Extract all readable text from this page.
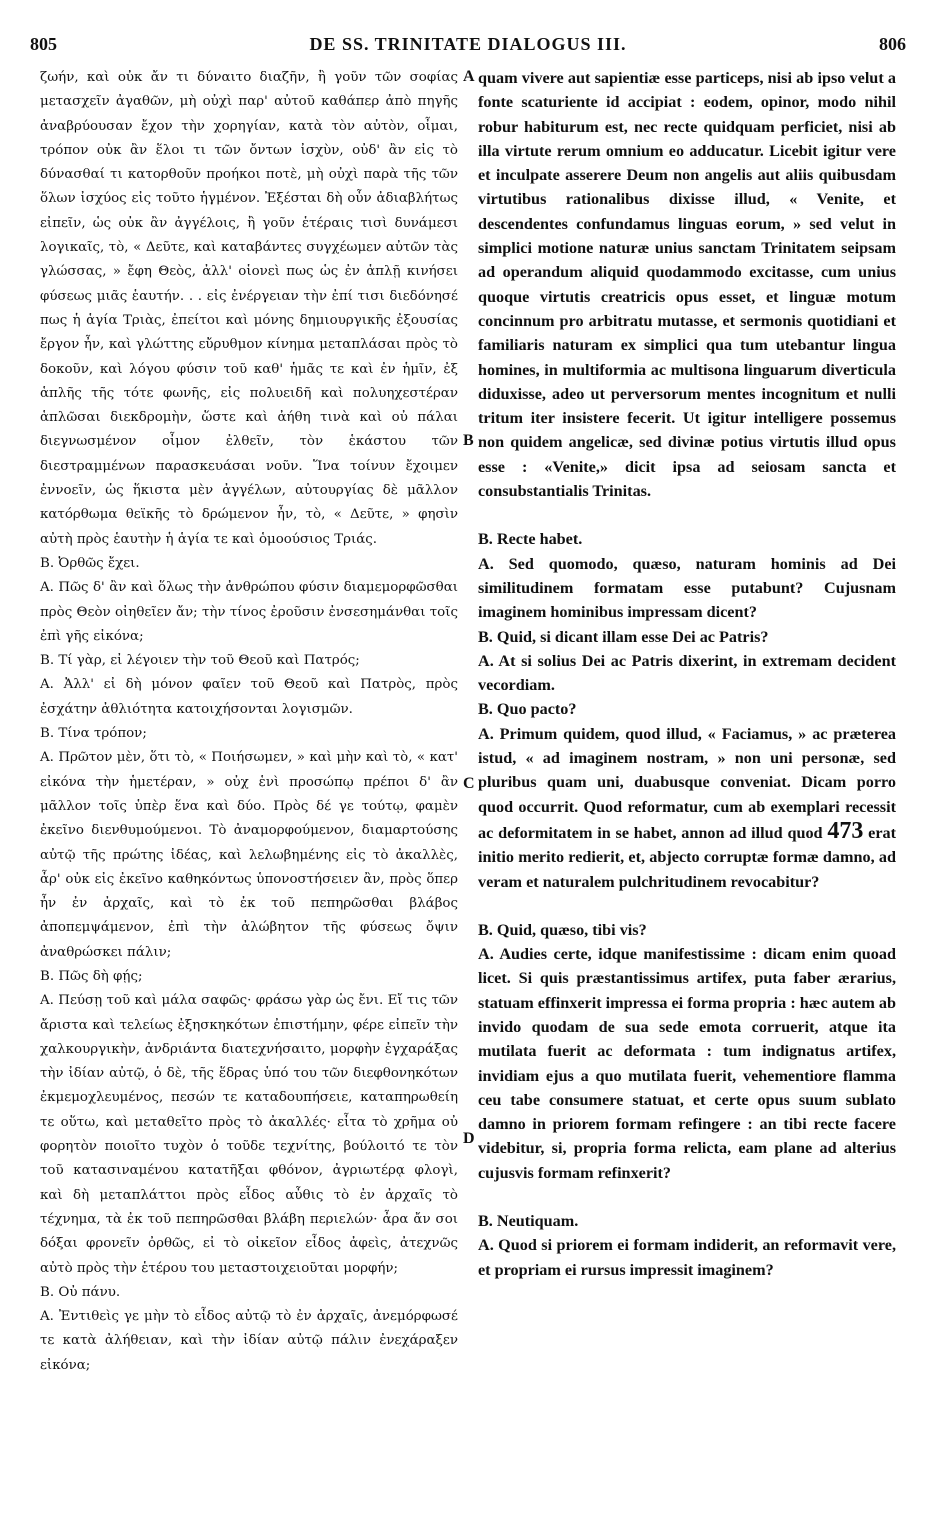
805	DE SS. TRINITATE DIALOGUS III.	806
ζωήν, καὶ οὐκ ἄν τι δύναιτο διαζῆν, ἢ γοῦν τῶν σοφίας μετασχεῖν ἀγαθῶν, μὴ οὐχὶ παρ' αὐτοῦ καθάπερ ἀπὸ πηγῆς ἀναβρύουσαν ἔχον τὴν χορηγίαν, κατὰ τὸν αὐτὸν, οἶμαι, τρόπον οὐκ ἂν ἕλοι τι τῶν ὄντων ἰσχὺν, οὐδ' ἂν εἰς τὸ δύνασθαί τι κατορθοῦν προήκοι ποτὲ, μὴ οὐχὶ παρὰ τῆς τῶν ὅλων ἰσχύος εἰς τοῦτο ἡγμένον. Ἐξέσται δὴ οὖν ἀδιαβλήτως εἰπεῖν, ὡς οὐκ ἂν ἀγγέλοις, ἢ γοῦν ἑτέραις τισὶ δυνάμεσι λογικαῖς, τὸ, « Δεῦτε, καὶ καταβάντες συγχέωμεν αὐτῶν τὰς γλώσσας, » ἔφη Θεὸς, ἀλλ' οἱονεὶ πως ὡς ἐν ἁπλῇ κινήσει φύσεως μιᾶς ἑαυτήν. . . εἰς ἐνέργειαν τὴν ἐπί τισι διεδόνησέ πως ἡ ἁγία Τριὰς, ἐπείτοι καὶ μόνης δημιουργικῆς ἐξουσίας ἔργον ἦν, καὶ γλώττης εὔρυθμον κίνημα μεταπλάσαι πρὸς τὸ δοκοῦν, καὶ λόγου φύσιν τοῦ καθ' ἡμᾶς τε καὶ ἐν ἡμῖν, ἐξ ἁπλῆς τῆς τότε φωνῆς, εἰς πολυειδῆ καὶ πολυηχεστέραν ἁπλῶσαι διεκδρομὴν, ὥστε καὶ ἀήθη τινὰ καὶ οὐ πάλαι διεγνωσμένον οἶμον ἐλθεῖν, τὸν ἑκάστου τῶν διεστραμμένων παρασκευάσαι νοῦν. Ἵνα τοίνυν ἔχοιμεν ἐννοεῖν, ὡς ἥκιστα μὲν ἀγγέλων, αὐτουργίας δὲ μᾶλλον κατόρθωμα θεϊκῆς τὸ δρώμενον ἦν, τὸ, « Δεῦτε, » φησὶν αὐτὴ πρὸς ἑαυτὴν ἡ ἁγία τε καὶ ὁμοούσιος Τριάς.
Β. Ὀρθῶς ἔχει.
Α. Πῶς δ' ἂν καὶ ὅλως τὴν ἀνθρώπου φύσιν διαμεμορφῶσθαι πρὸς Θεὸν οἰηθεῖεν ἄν; τὴν τίνος ἐροῦσιν ἐνσεσημάνθαι τοῖς ἐπὶ γῆς εἰκόνα;
Β. Τί γὰρ, εἰ λέγοιεν τὴν τοῦ Θεοῦ καὶ Πατρός;
Α. Ἀλλ' εἰ δὴ μόνον φαῖεν τοῦ Θεοῦ καὶ Πατρὸς, πρὸς ἐσχάτην ἀθλιότητα κατοιχήσονται λογισμῶν.
Β. Τίνα τρόπον;
Α. Πρῶτον μὲν, ὅτι τὸ, « Ποιήσωμεν, » καὶ μὴν καὶ τὸ, « κατ' εἰκόνα τὴν ἡμετέραν, » οὐχ ἑνὶ προσώπῳ πρέποι δ' ἂν μᾶλλον τοῖς ὑπὲρ ἕνα καὶ δύο. Πρὸς δέ γε τούτῳ, φαμὲν ἐκεῖνο διενθυμούμενοι. Τὸ ἀναμορφούμενον, διαμαρτούσης αὐτῷ τῆς πρώτης ἰδέας, καὶ λελωβημένης εἰς τὸ ἀκαλλὲς, ἆρ' οὐκ εἰς ἐκεῖνο καθηκόντως ὑπονοστήσειεν ἂν, πρὸς ὅπερ ἦν ἐν ἀρχαῖς, καὶ τὸ ἐκ τοῦ πεπηρῶσθαι βλάβος ἀποπεμψάμενον, ἐπὶ τὴν ἀλώβητον τῆς φύσεως ὄψιν ἀναθρώσκει πάλιν;
Β. Πῶς δὴ φῄς;
Α. Πεύσῃ τοῦ καὶ μάλα σαφῶς· φράσω γὰρ ὡς ἔνι. Εἴ τις τῶν ἄριστα καὶ τελείως ἐξησκηκότων ἐπιστήμην, φέρε εἰπεῖν τὴν χαλκουργικὴν, ἀνδριάντα διατεχνήσαιτο, μορφὴν ἐγχαράξας τὴν ἰδίαν αὐτῷ, ὁ δὲ, τῆς ἕδρας ὑπό του τῶν διεφθονηκότων ἐκμεμοχλευμένος, πεσών τε καταδουπήσειε, καταπηρωθείη τε οὕτω, καὶ μεταθεῖτο πρὸς τὸ ἀκαλλές· εἶτα τὸ χρῆμα οὐ φορητὸν ποιοῖτο τυχὸν ὁ τοῦδε τεχνίτης, βούλοιτό τε τὸν τοῦ κατασιναμένου κατατῆξαι φθόνον, ἀγριωτέρᾳ φλογὶ, καὶ δὴ μεταπλάττοι πρὸς εἶδος αὖθις τὸ ἐν ἀρχαῖς τὸ τέχνημα, τὰ ἐκ τοῦ πεπηρῶσθαι βλάβη περιελών· ἆρα ἄν σοι δόξαι φρονεῖν ὀρθῶς, εἰ τὸ οἰκεῖον εἶδος ἀφεὶς, ἀτεχνῶς αὐτὸ πρὸς τὴν ἑτέρου του μεταστοιχειοῦται μορφήν;
Β. Οὐ πάνυ.
Α. Ἐντιθεὶς γε μὴν τὸ εἶδος αὐτῷ τὸ ἐν ἀρχαῖς, ἀνεμόρφωσέ τε κατὰ ἀλήθειαν, καὶ τὴν ἰδίαν αὐτῷ πάλιν ἐνεχάραξεν εἰκόνα;
A
B
C
D
quam vivere aut sapientiæ esse particeps, nisi ab ipso velut a fonte scaturiente id accipiat : eodem, opinor, modo nihil robur habiturum est, nec recte quidquam perficiet, nisi ab illa virtute rerum omnium eo adducatur. Licebit igitur vere et inculpate asserere Deum non angelis aut aliis quibusdam virtutibus rationalibus dixisse illud, « Venite, et descendentes confundamus linguas eorum, » sed velut in simplici motione naturæ unius sanctam Trinitatem seipsam ad operandum aliquid quodammodo excitasse, cum unius quoque virtutis creatricis opus esset, et linguæ motum concinnum pro arbitratu mutasse, et sermonis quotidiani et familiaris naturam ex simplici qua tum utebantur lingua homines, in multiformia ac multisona linguarum diverticula diduxisse, adeo ut perversorum mentes incognitum et nulli tritum iter insistere fecerit. Ut igitur intelligere possemus non quidem angelicæ, sed divinæ potius virtutis illud opus esse : «Venite,» dicit ipsa ad seiosam sancta et consubstantialis Trinitas.
B. Recte habet.
A. Sed quomodo, quæso, naturam hominis ad Dei similitudinem formatam esse putabunt? Cujusnam imaginem hominibus impressam dicent?
B. Quid, si dicant illam esse Dei ac Patris?
A. At si solius Dei ac Patris dixerint, in extremam decident vecordiam.
B. Quo pacto?
A. Primum quidem, quod illud, « Faciamus, » ac præterea istud, « ad imaginem nostram, » non uni personæ, sed pluribus quam uni, duabusque conveniat. Dicam porro quod occurrit. Quod reformatur, cum ab exemplari recessit ac deformitatem in se habet, annon ad illud quod 473 erat initio merito redierit, et, abjecto corruptæ formæ damno, ad veram et naturalem pulchritudinem revocabitur?
B. Quid, quæso, tibi vis?
A. Audies certe, idque manifestissime : dicam enim quoad licet. Si quis præstantissimus artifex, puta faber ærarius, statuam effinxerit impressa ei forma propria : hæc autem ab invido quodam de sua sede emota corruerit, atque ita mutilata fuerit ac deformata : tum indignatus artifex, invidiam ejus a quo mutilata fuerit, vehementiore flamma ceu tabe consumere statuat, et certe opus suum sublato damno in priorem formam refingere : an tibi recte facere videbitur, si, propria forma relicta, eam plane ad alterius cujusvis formam refinxerit?
B. Neutiquam.
A. Quod si priorem ei formam indiderit, an reformavit vere, et propriam ei rursus impressit imaginem?
